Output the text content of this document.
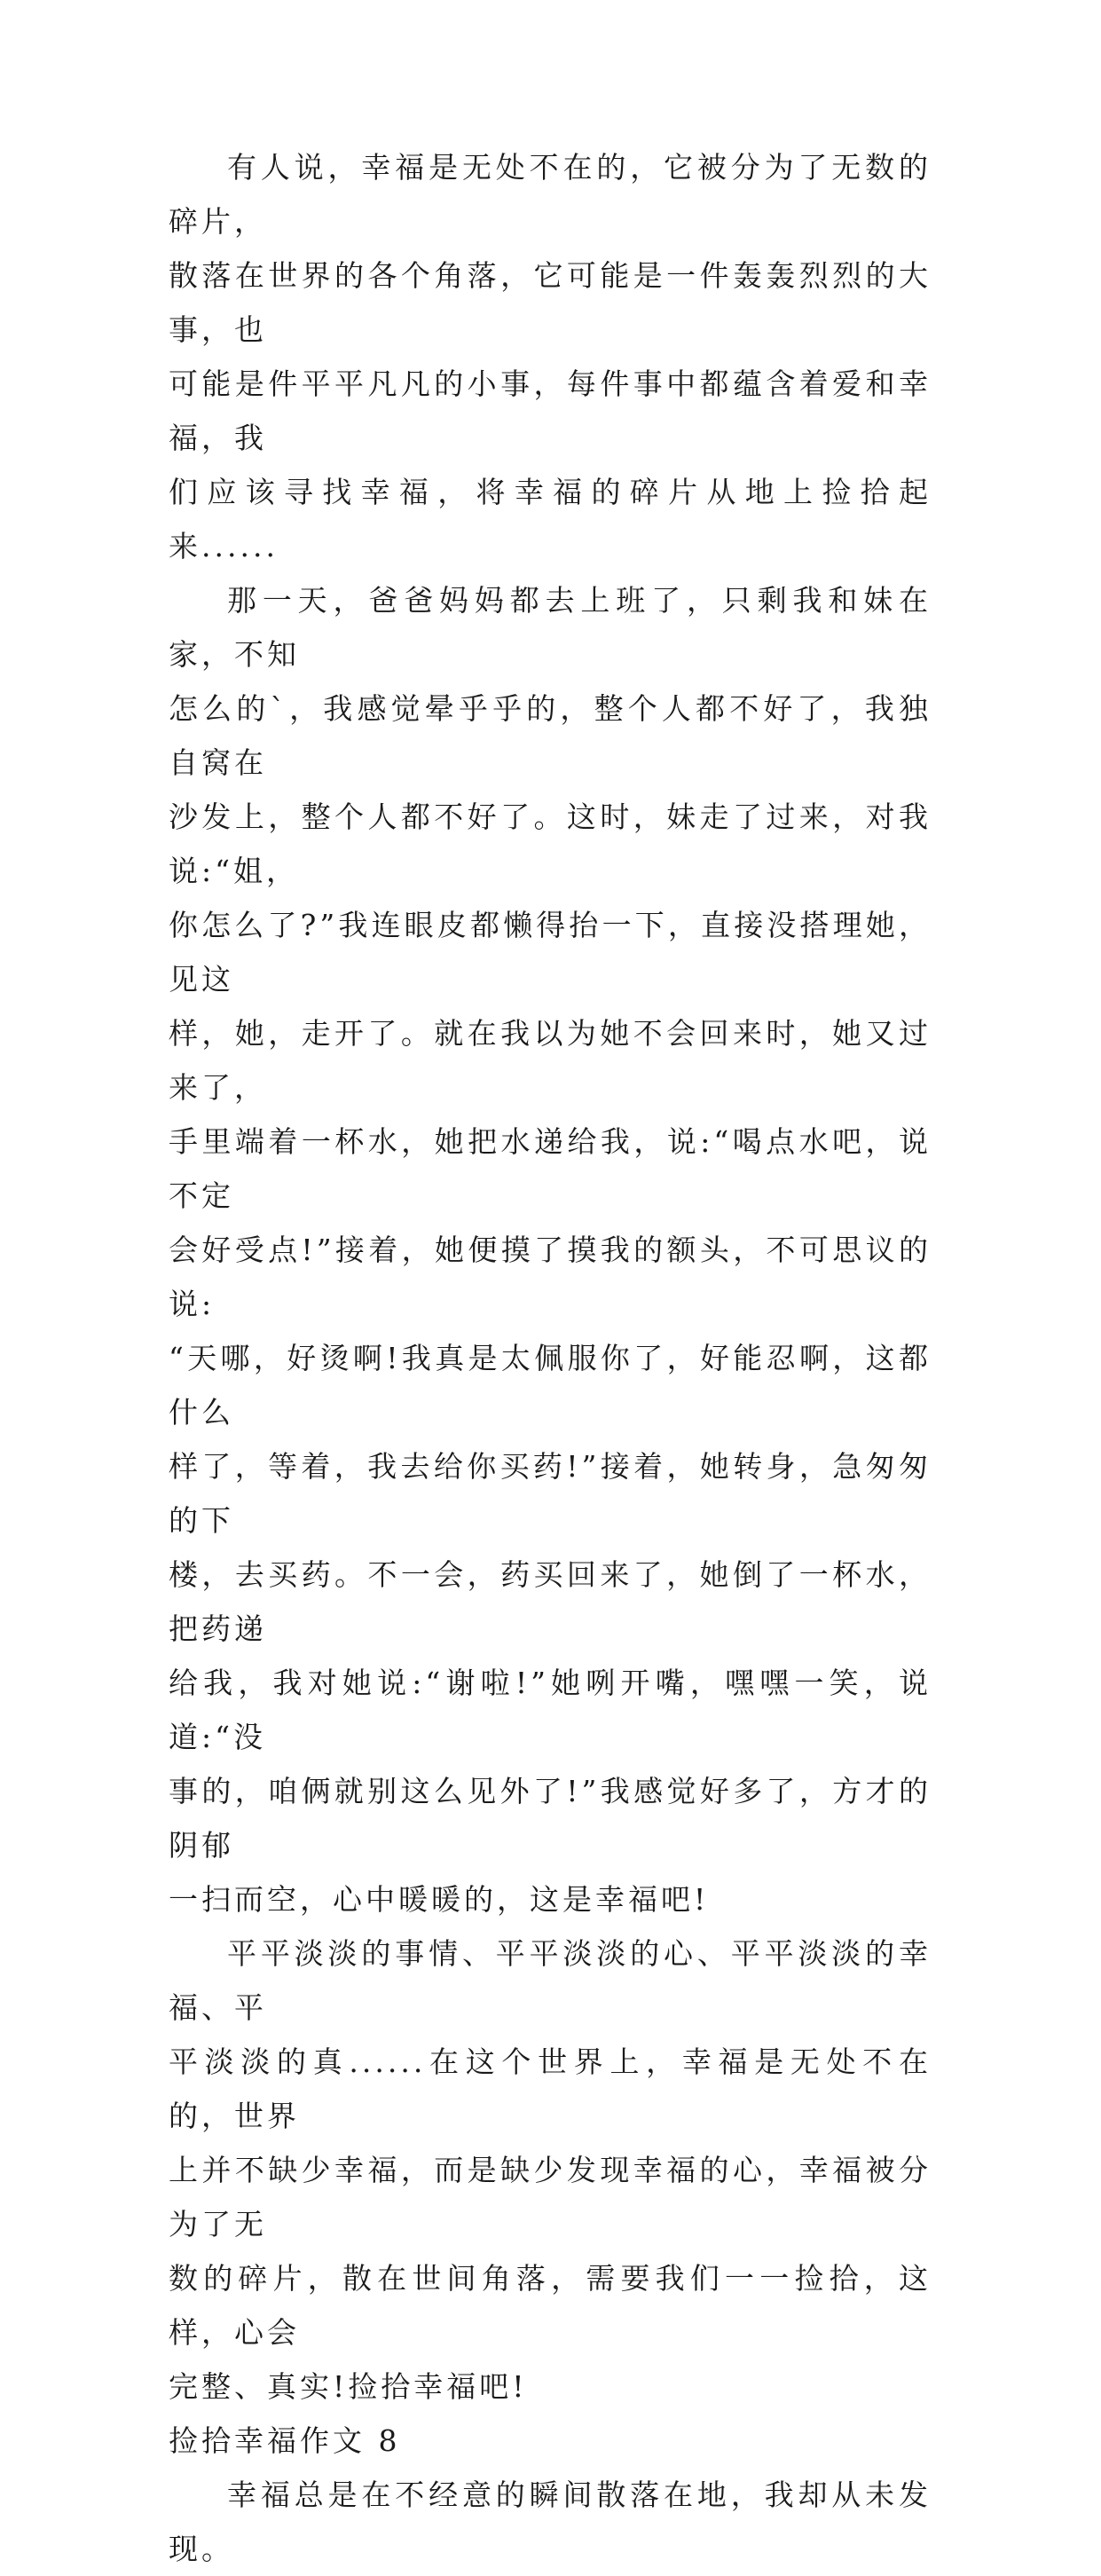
有人说，幸福是无处不在的，它被分为了无数的碎片，
散落在世界的各个角落，它可能是一件轰轰烈烈的大事，也
可能是件平平凡凡的小事，每件事中都蕴含着爱和幸福，我
们应该寻找幸福，将幸福的碎片从地上捡拾起来......

那一天，爸爸妈妈都去上班了，只剩我和妹在家，不知
怎么的`，我感觉晕乎乎的，整个人都不好了，我独自窝在
沙发上，整个人都不好了。这时，妹走了过来，对我说:“姐，
你怎么了?”我连眼皮都懒得抬一下，直接没搭理她，见这
样，她，走开了。就在我以为她不会回来时，她又过来了，
手里端着一杯水，她把水递给我，说:“喝点水吧，说不定
会好受点!”接着，她便摸了摸我的额头，不可思议的说:
“天哪，好烫啊!我真是太佩服你了，好能忍啊，这都什么
样了，等着，我去给你买药!”接着，她转身，急匆匆的下
楼，去买药。不一会，药买回来了，她倒了一杯水，把药递
给我，我对她说:“谢啦!”她咧开嘴，嘿嘿一笑，说道:“没
事的，咱俩就别这么见外了!”我感觉好多了，方才的阴郁
一扫而空，心中暖暖的，这是幸福吧!

平平淡淡的事情、平平淡淡的心、平平淡淡的幸福、平
平淡淡的真......在这个世界上，幸福是无处不在的，世界
上并不缺少幸福，而是缺少发现幸福的心，幸福被分为了无
数的碎片，散在世间角落，需要我们一一捡拾，这样，心会
完整、真实!捡拾幸福吧!

捡拾幸福作文 8

幸福总是在不经意的瞬间散落在地，我却从未发现。
